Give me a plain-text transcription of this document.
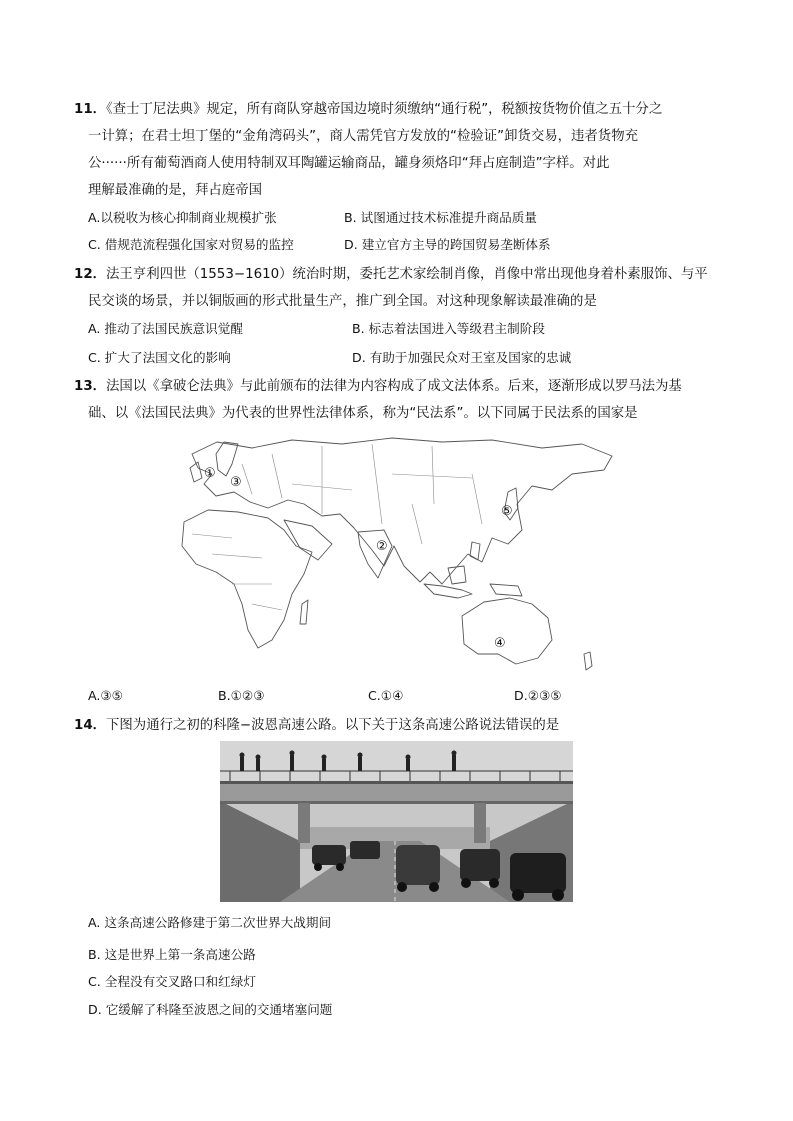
11．《查士丁尼法典》规定，所有商队穿越帝国边境时须缴纳“通行税”，税额按货物价值之五十分之
一计算；在君士坦丁堡的“金角湾码头”，商人需凭官方发放的“检验证”卸货交易，违者货物充
公······所有葡萄酒商人使用特制双耳陶罐运输商品，罐身须烙印“拜占庭制造”字样。对此
理解最准确的是，拜占庭帝国
A.以税收为核心抑制商业规模扩张	B. 试图通过技术标准提升商品质量
C. 借规范流程强化国家对贸易的监控	D. 建立官方主导的跨国贸易垄断体系
12．法王亨利四世（1553−1610）统治时期，委托艺术家绘制肖像，肖像中常出现他身着朴素服饰、与平
民交谈的场景，并以铜版画的形式批量生产，推广到全国。对这种现象解读最准确的是
A. 推动了法国民族意识觉醒	B. 标志着法国进入等级君主制阶段
C. 扩大了法国文化的影响	D. 有助于加强民众对王室及国家的忠诚
13．法国以《拿破仑法典》与此前颁布的法律为内容构成了成文法体系。后来，逐渐形成以罗马法为基
础、以《法国民法典》为代表的世界性法律体系，称为“民法系”。以下同属于民法系的国家是
①
②
③
④
⑤
A.③⑤	B.①②③	C.①④	D.②③⑤
14．下图为通行之初的科隆−波恩高速公路。以下关于这条高速公路说法错误的是
A. 这条高速公路修建于第二次世界大战期间
B. 这是世界上第一条高速公路
C. 全程没有交叉路口和红绿灯
D. 它缓解了科隆至波恩之间的交通堵塞问题
